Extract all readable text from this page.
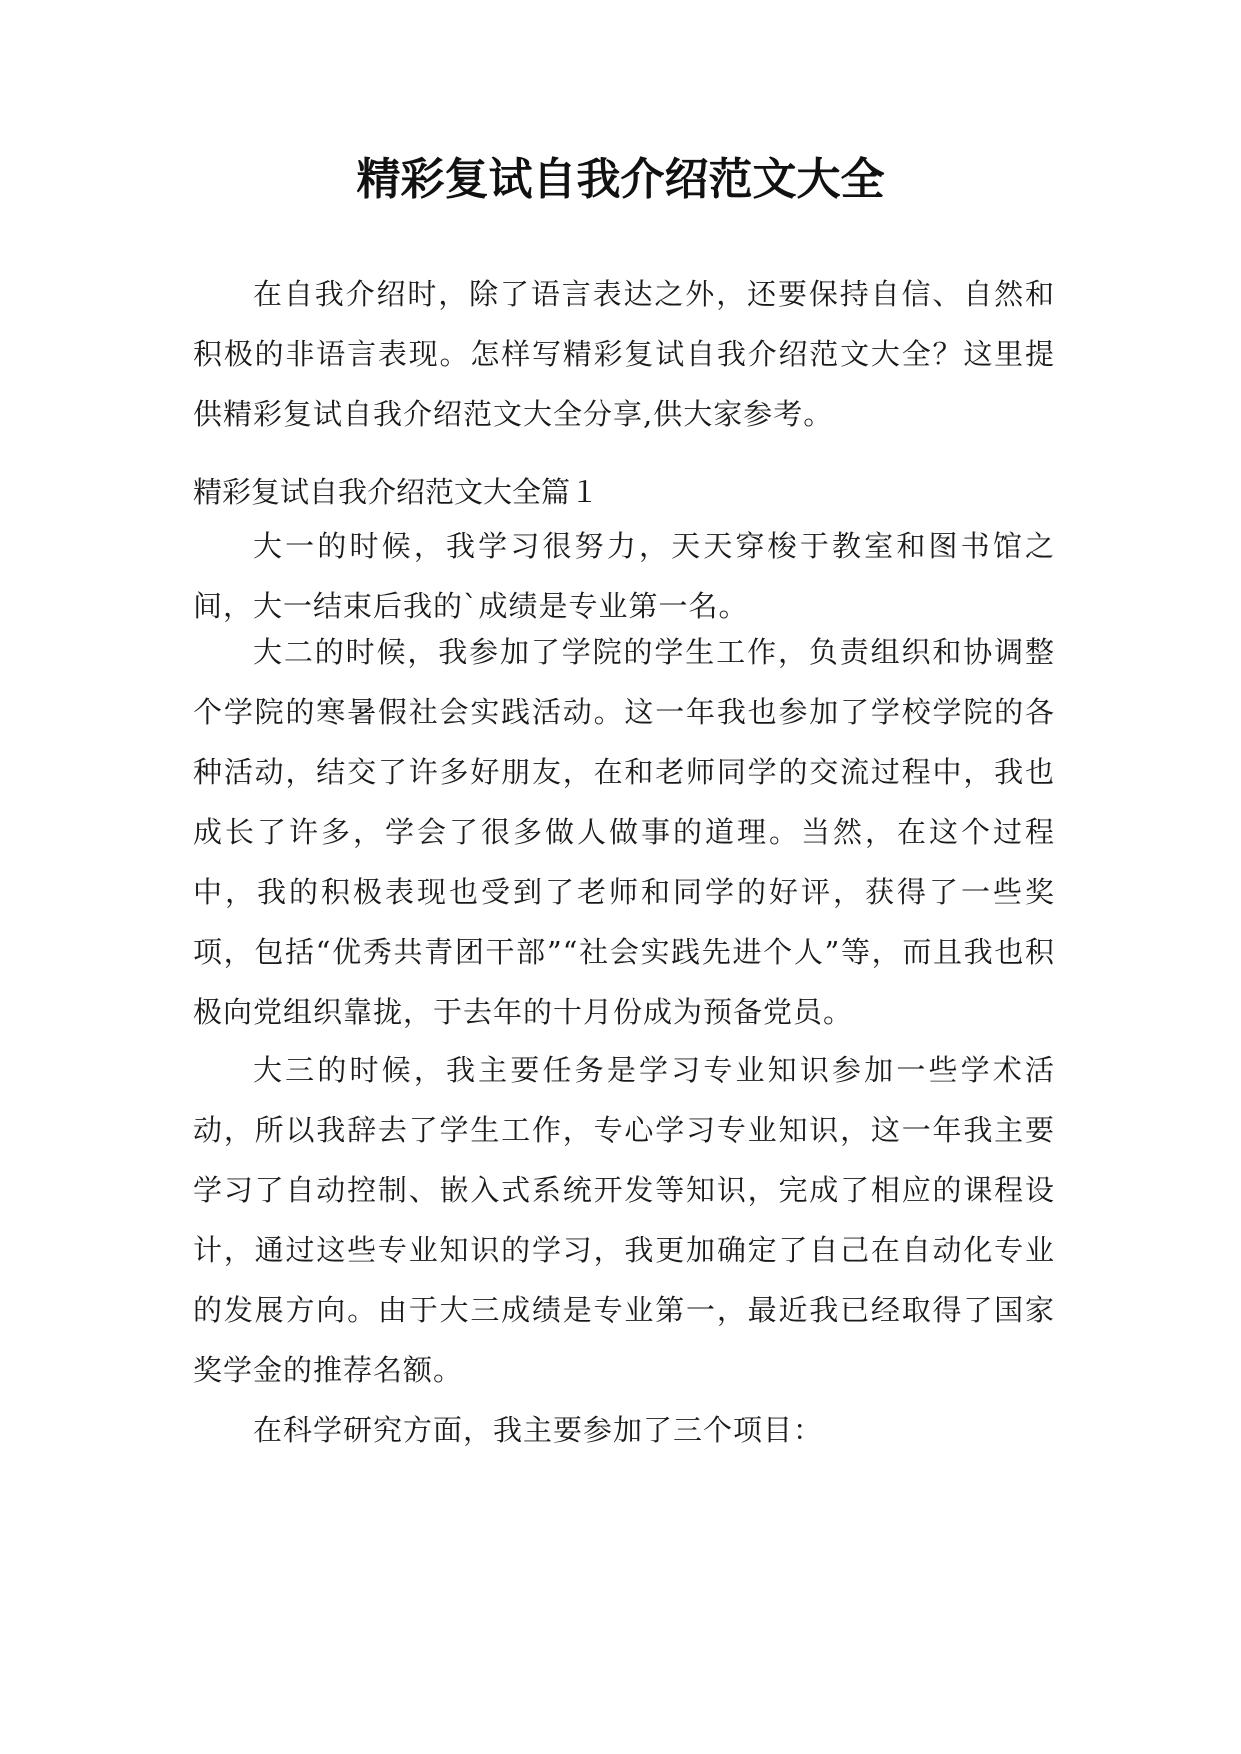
精彩复试自我介绍范文大全

在自我介绍时，除了语言表达之外，还要保持自信、自然和积极的非语言表现。怎样写精彩复试自我介绍范文大全？这里提供精彩复试自我介绍范文大全分享,供大家参考。

精彩复试自我介绍范文大全篇１

大一的时候，我学习很努力，天天穿梭于教室和图书馆之间，大一结束后我的`成绩是专业第一名。

大二的时候，我参加了学院的学生工作，负责组织和协调整个学院的寒暑假社会实践活动。这一年我也参加了学校学院的各种活动，结交了许多好朋友，在和老师同学的交流过程中，我也成长了许多，学会了很多做人做事的道理。当然，在这个过程中，我的积极表现也受到了老师和同学的好评，获得了一些奖项，包括“优秀共青团干部”“社会实践先进个人”等，而且我也积极向党组织靠拢，于去年的十月份成为预备党员。

大三的时候，我主要任务是学习专业知识参加一些学术活动，所以我辞去了学生工作，专心学习专业知识，这一年我主要学习了自动控制、嵌入式系统开发等知识，完成了相应的课程设计，通过这些专业知识的学习，我更加确定了自己在自动化专业的发展方向。由于大三成绩是专业第一，最近我已经取得了国家奖学金的推荐名额。

在科学研究方面，我主要参加了三个项目：
